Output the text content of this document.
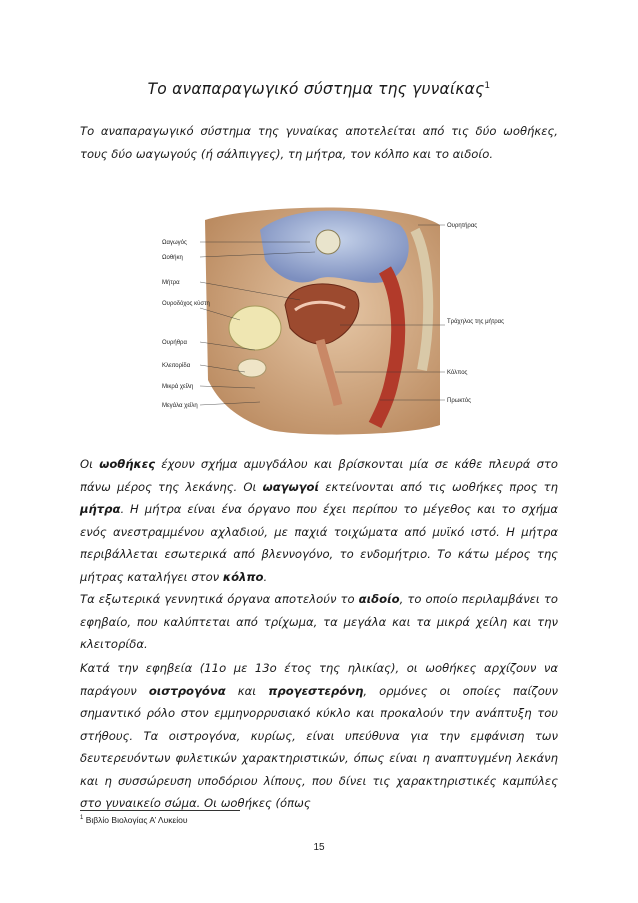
Το αναπαραγωγικό σύστημα της γυναίκας$^1$
Το αναπαραγωγικό σύστημα της γυναίκας αποτελείται από τις δύο ωοθήκες, τους δύο ωαγωγούς (ή σάλπιγγες), τη μήτρα, τον κόλπο και το αιδοίο.
Ωαγωγός
Ωοθήκη
Μήτρα
Ουροδόχος κύστη
Ουρήθρα
Κλειτορίδα
Μικρά χείλη
Μεγάλα χείλη
Ουρητήρας
Τράχηλος της μήτρας
Κόλπος
Πρωκτός
Οι ωοθήκες έχουν σχήμα αμυγδάλου και βρίσκονται μία σε κάθε πλευρά στο πάνω μέρος της λεκάνης. Οι ωαγωγοί εκτείνονται από τις ωοθήκες προς τη μήτρα. Η μήτρα είναι ένα όργανο που έχει περίπου το μέγεθος και το σχήμα ενός ανεστραμμένου αχλαδιού, με παχιά τοιχώματα από μυϊκό ιστό. Η μήτρα περιβάλλεται εσωτερικά από βλεννογόνο, το ενδομήτριο. Το κάτω μέρος της μήτρας καταλήγει στον κόλπο.
Τα εξωτερικά γεννητικά όργανα αποτελούν το αιδοίο, το οποίο περιλαμβάνει το εφηβαίο, που καλύπτεται από τρίχωμα, τα μεγάλα και τα μικρά χείλη και την κλειτορίδα.
Κατά την εφηβεία (11ο με 13ο έτος της ηλικίας), οι ωοθήκες αρχίζουν να παράγουν οιστρογόνα και προγεστερόνη, ορμόνες οι οποίες παίζουν σημαντικό ρόλο στον εμμηνορρυσιακό κύκλο και προκαλούν την ανάπτυξη του στήθους. Τα οιστρογόνα, κυρίως, είναι υπεύθυνα για την εμφάνιση των δευτερευόντων φυλετικών χαρακτηριστικών, όπως είναι η αναπτυγμένη λεκάνη και η συσσώρευση υποδόριου λίπους, που δίνει τις χαρακτηριστικές καμπύλες στο γυναικείο σώμα. Οι ωοθήκες (όπως
$^1$ Βιβλίο Βιολογίας Α’ Λυκείου
15
